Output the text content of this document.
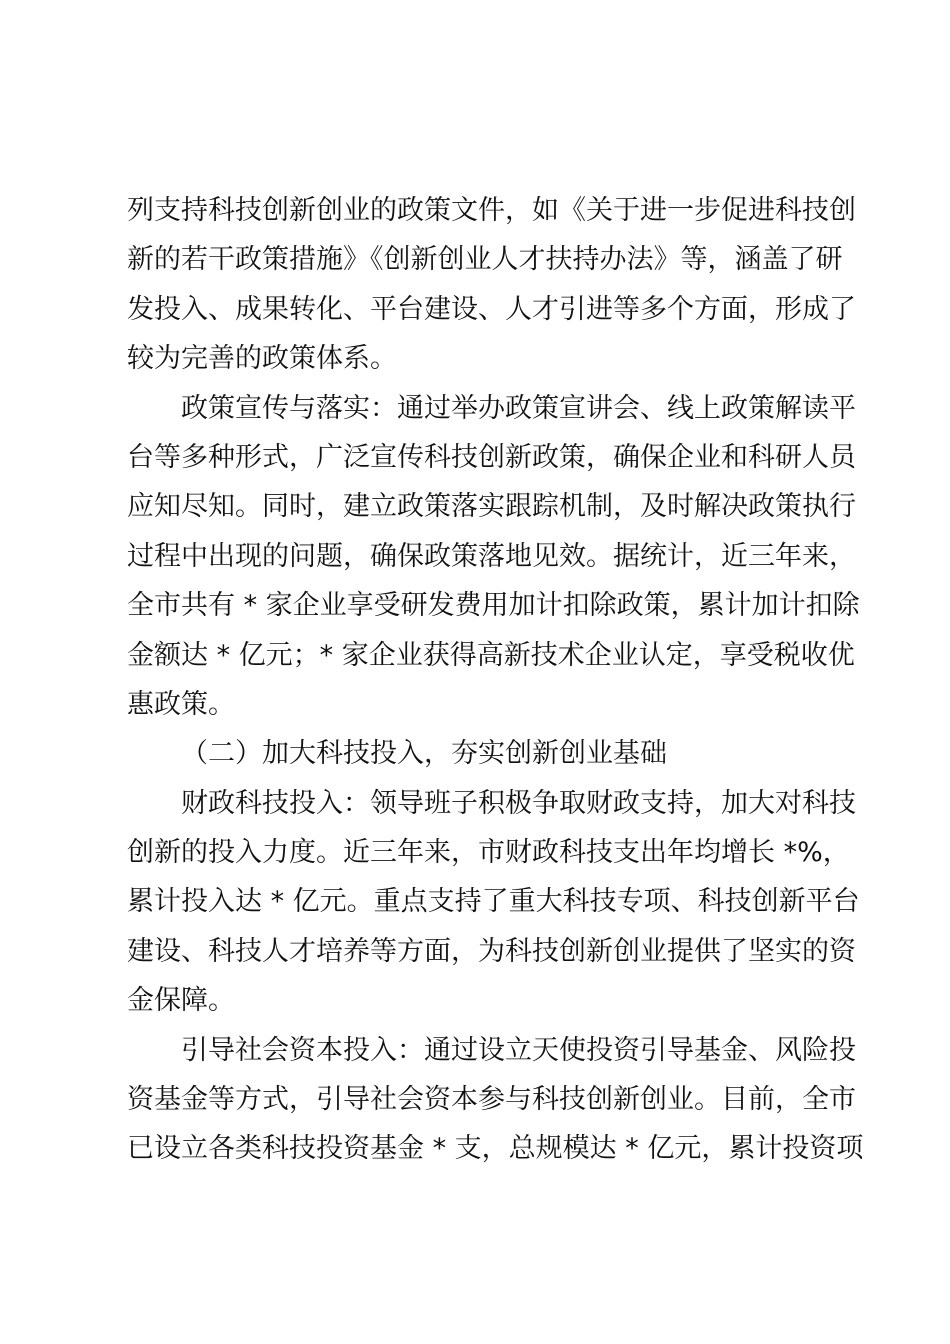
列支持科技创新创业的政策文件，如《关于进一步促进科技创
新的若干政策措施》《创新创业人才扶持办法》等，涵盖了研
发投入、成果转化、平台建设、人才引进等多个方面，形成了
较为完善的政策体系。
政策宣传与落实：通过举办政策宣讲会、线上政策解读平
台等多种形式，广泛宣传科技创新政策，确保企业和科研人员
应知尽知。同时，建立政策落实跟踪机制，及时解决政策执行
过程中出现的问题，确保政策落地见效。据统计，近三年来，
全市共有 * 家企业享受研发费用加计扣除政策，累计加计扣除
金额达 * 亿元；* 家企业获得高新技术企业认定，享受税收优
惠政策。
（二）加大科技投入，夯实创新创业基础
财政科技投入：领导班子积极争取财政支持，加大对科技
创新的投入力度。近三年来，市财政科技支出年均增长 *%，
累计投入达 * 亿元。重点支持了重大科技专项、科技创新平台
建设、科技人才培养等方面，为科技创新创业提供了坚实的资
金保障。
引导社会资本投入：通过设立天使投资引导基金、风险投
资基金等方式，引导社会资本参与科技创新创业。目前，全市
已设立各类科技投资基金 * 支，总规模达 * 亿元，累计投资项
